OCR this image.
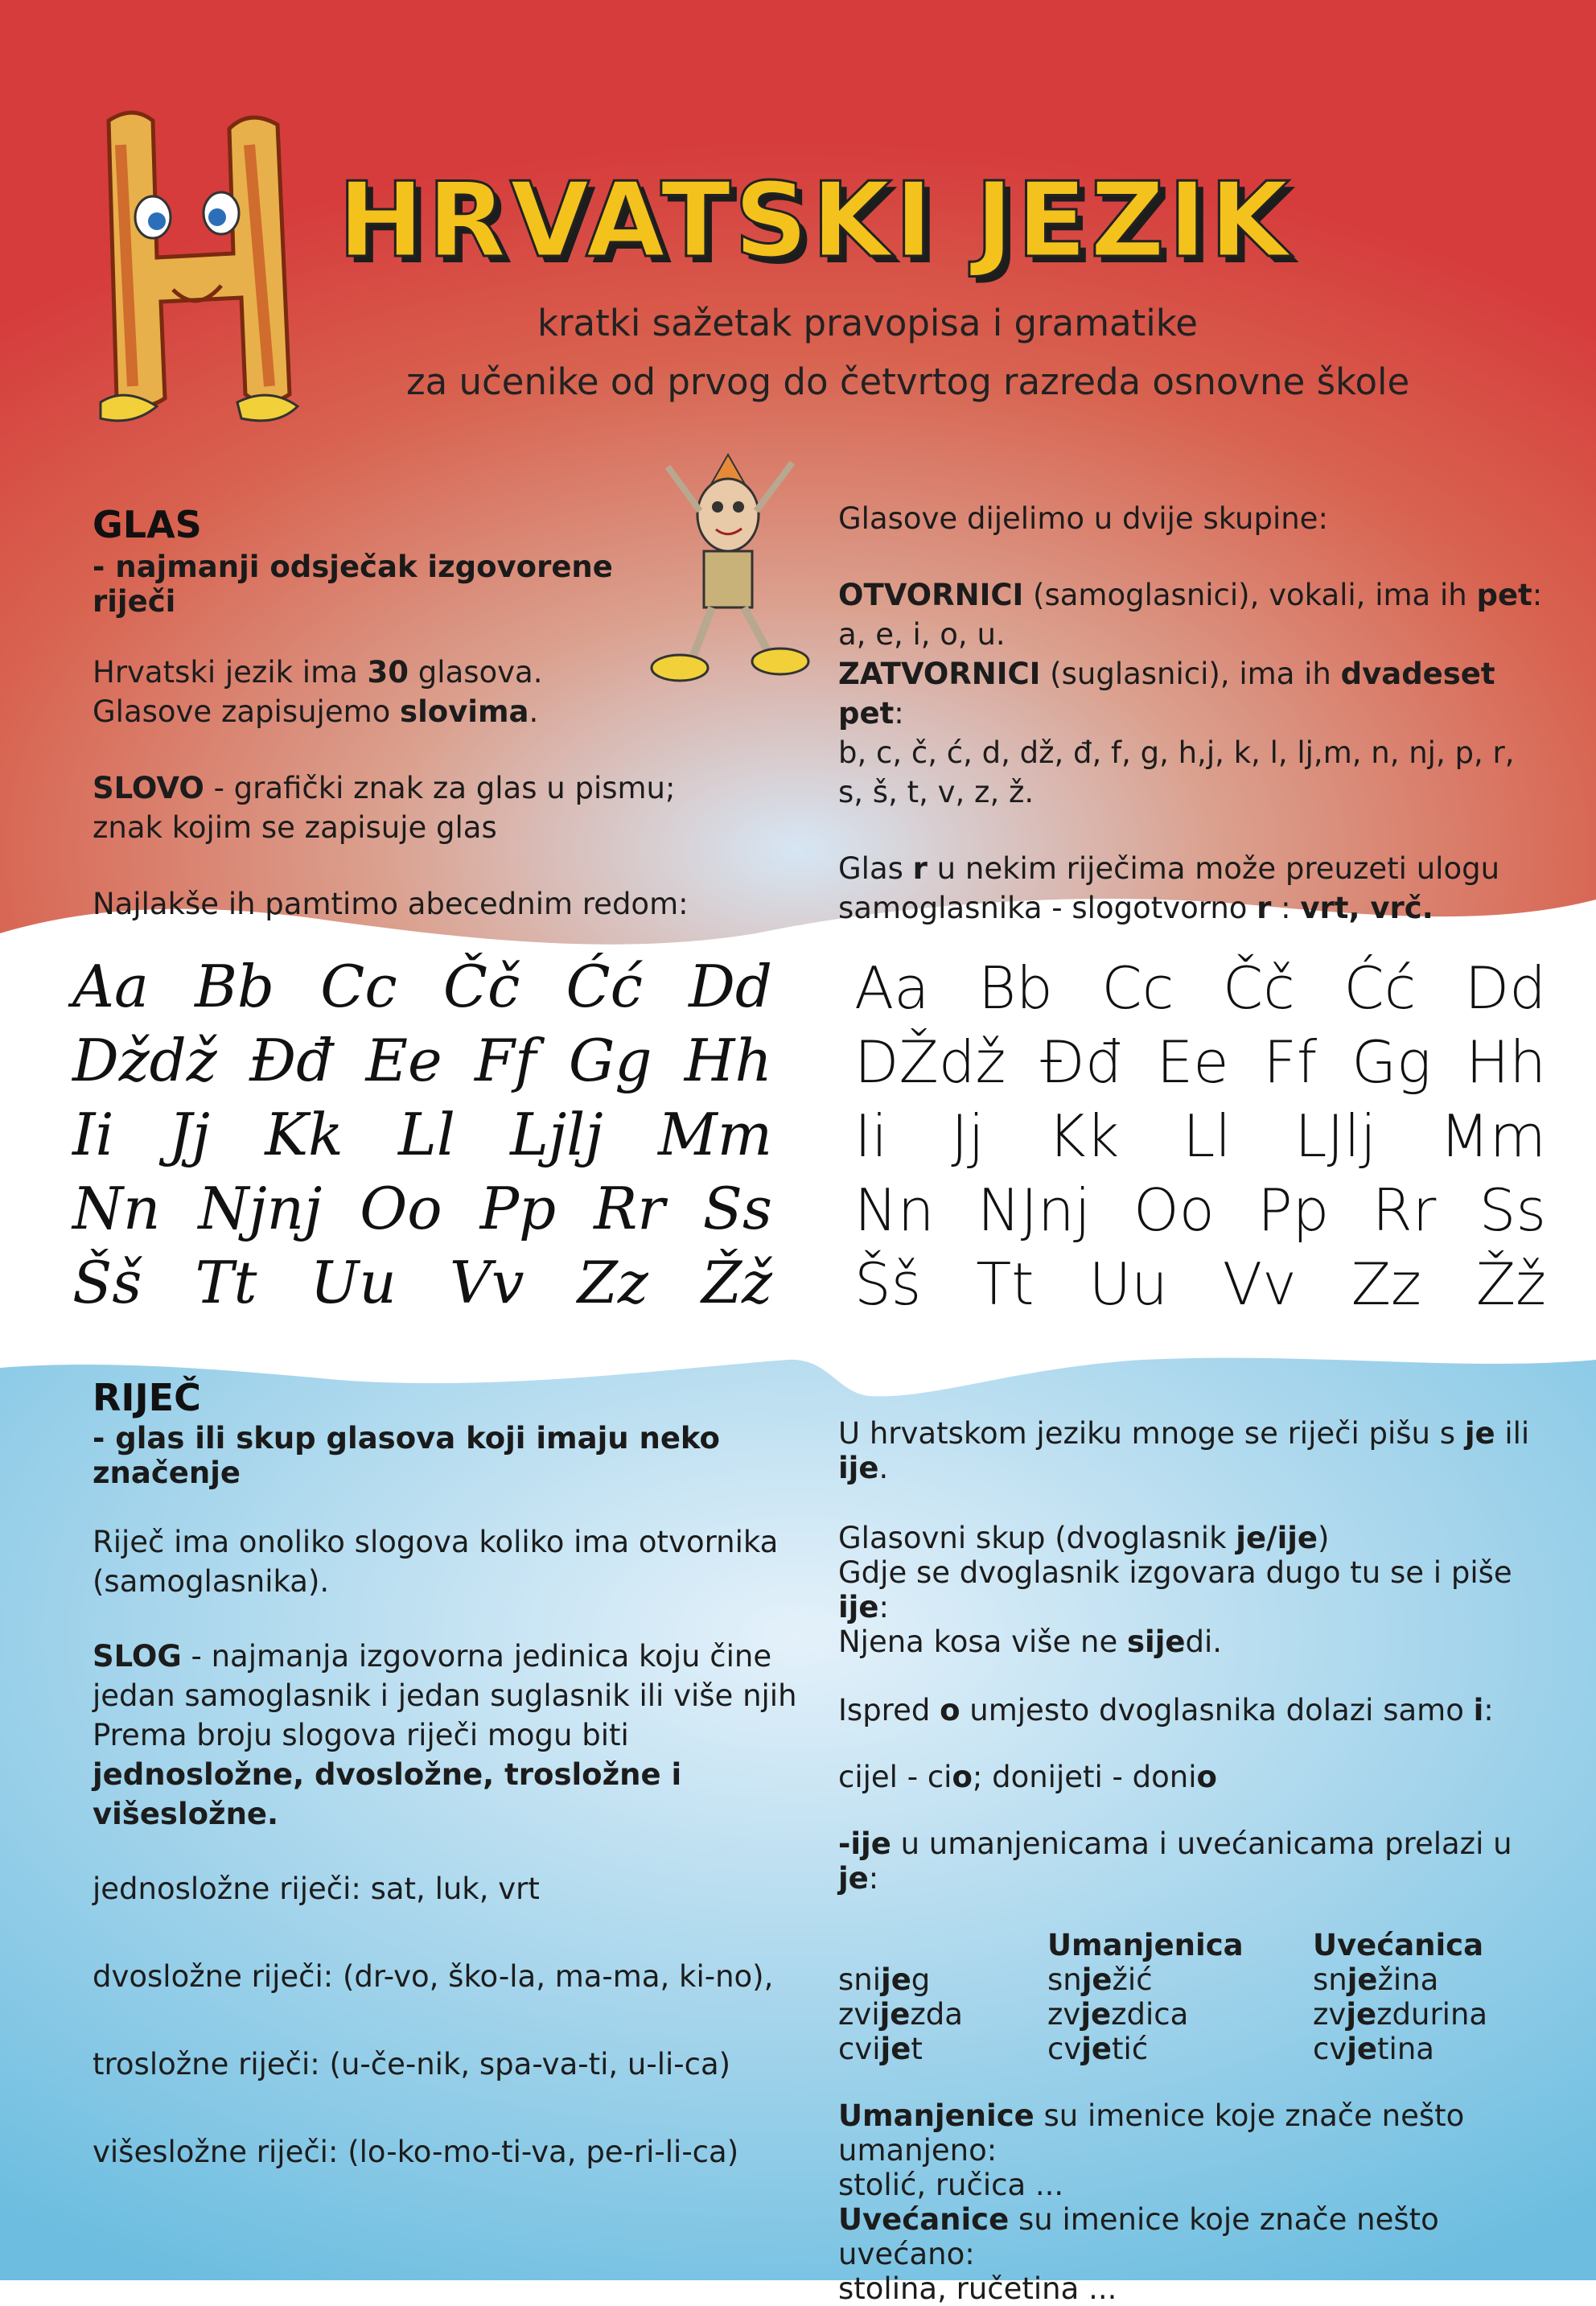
HRVATSKI JEZIK
kratki sažetak pravopisa i gramatike
za učenike od prvog do četvrtog razreda osnovne škole
GLAS
- najmanji odsječak izgovorene riječi
Hrvatski jezik ima 30 glasova.
Glasove zapisujemo slovima.
SLOVO - grafički znak za glas u pismu; znak kojim se zapisuje glas
Najlakše ih pamtimo abecednim redom:
Glasove dijelimo u dvije skupine:
OTVORNICI (samoglasnici), vokali, ima ih pet:
a, e, i, o, u.
ZATVORNICI (suglasnici), ima ih dvadeset pet:
b, c, č, ć, d, dž, đ, f, g, h,j, k, l, lj,m, n, nj, p, r, s, š, t, v, z, ž.
Glas r u nekim riječima može preuzeti ulogu samoglasnika - slogotvorno r : vrt, vrč.
Aa Bb Cc Čč Ćć Dd
Dždž Đđ Ee Ff Gg Hh
Ii Jj Kk Ll Ljlj Mm
Nn Njnj Oo Pp Rr Ss
Šš Tt Uu Vv Zz Žž
Aa Bb Cc Čč Ćć Dd
DŽdž Đđ Ee Ff Gg Hh
Ii Jj Kk Ll LJlj Mm
Nn NJnj Oo Pp Rr Ss
Šš Tt Uu Vv Zz Žž
RIJEČ
- glas ili skup glasova koji imaju neko značenje
Riječ ima onoliko slogova koliko ima otvornika (samoglasnika).
SLOG - najmanja izgovorna jedinica koju čine jedan samoglasnik i jedan suglasnik ili više njih Prema broju slogova riječi mogu biti jednosložne, dvosložne, trosložne i višesložne.
jednosložne riječi: sat, luk, vrt
dvosložne riječi: (dr-vo, ško-la, ma-ma, ki-no),
trosložne riječi: (u-če-nik, spa-va-ti, u-li-ca)
višesložne riječi: (lo-ko-mo-ti-va, pe-ri-li-ca)
U hrvatskom jeziku mnoge se riječi pišu s je ili ije.
Glasovni skup (dvoglasnik je/ije)
Gdje se dvoglasnik izgovara dugo tu se i piše ije:
Njena kosa više ne sijedi.
Ispred o umjesto dvoglasnika dolazi samo i:
cijel - cio; donijeti - donio
-ije u umanjenicama i uvećanicama prelazi u je:
	Umanjenica	Uvećanica
snijeg	snježić	snježina
zvijezda	zvjezdica	zvjezdurina
cvijet	cvjetić	cvjetina
Umanjenice su imenice koje znače nešto umanjeno:
stolić, ručica ...
Uvećanice su imenice koje znače nešto uvećano:
stolina, ručetina ...
